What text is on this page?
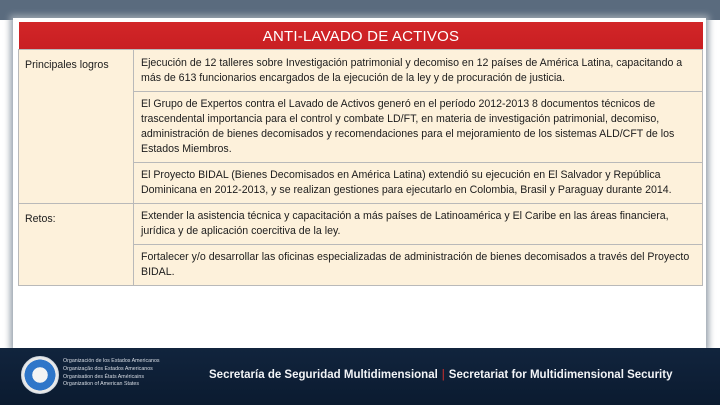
ANTI-LAVADO DE ACTIVOS
Principales logros	Ejecución de 12 talleres sobre Investigación patrimonial y decomiso en 12 países de América Latina, capacitando a más de 613 funcionarios encargados de la ejecución de la ley y de procuración de justicia.
	El Grupo de Expertos contra el Lavado de Activos generó en el período 2012-2013 8 documentos técnicos de trascendental importancia para el control y combate LD/FT, en materia de investigación patrimonial, decomiso, administración de bienes decomisados y recomendaciones para el mejoramiento de los sistemas ALD/CFT de los Estados Miembros.
	El Proyecto BIDAL (Bienes Decomisados en América Latina) extendió su ejecución en El Salvador y República Dominicana en 2012-2013, y se realizan gestiones para ejecutarlo en Colombia, Brasil y Paraguay durante 2014.
Retos:	Extender la asistencia técnica y capacitación a más países de Latinoamérica y El Caribe en las áreas financiera, jurídica y de aplicación coercitiva de la ley.
	Fortalecer y/o desarrollar las oficinas especializadas de administración de bienes decomisados a través del Proyecto BIDAL.
Organización de los Estados Americanos
Organização dos Estados Americanos
Organisation des États Américains
Organization of American States
Secretaría de Seguridad Multidimensional | Secretariat for Multidimensional Security
